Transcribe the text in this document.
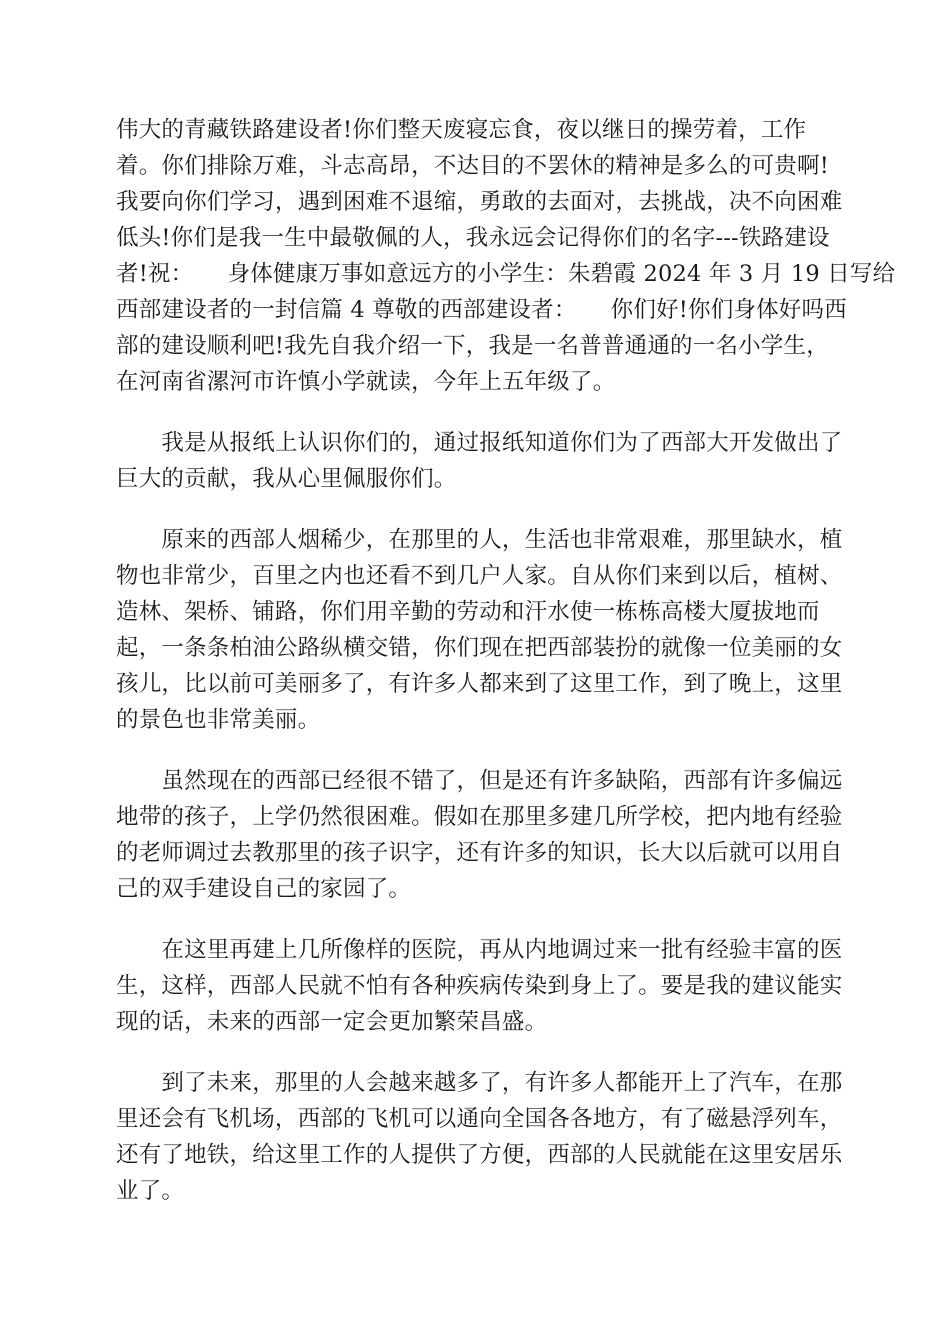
伟大的青藏铁路建设者!你们整天废寝忘食，夜以继日的操劳着，工作
着。你们排除万难，斗志高昂，不达目的不罢休的精神是多么的可贵啊!
我要向你们学习，遇到困难不退缩，勇敢的去面对，去挑战，决不向困难
低头!你们是我一生中最敬佩的人，我永远会记得你们的名字---铁路建设
者!祝：　　身体健康万事如意远方的小学生：朱碧霞 2024 年 3 月 19 日写给
西部建设者的一封信篇 4 尊敬的西部建设者：　　你们好!你们身体好吗西
部的建设顺利吧!我先自我介绍一下，我是一名普普通通的一名小学生，
在河南省漯河市许慎小学就读，今年上五年级了。
　　我是从报纸上认识你们的，通过报纸知道你们为了西部大开发做出了
巨大的贡献，我从心里佩服你们。
　　原来的西部人烟稀少，在那里的人，生活也非常艰难，那里缺水，植
物也非常少，百里之内也还看不到几户人家。自从你们来到以后，植树、
造林、架桥、铺路，你们用辛勤的劳动和汗水使一栋栋高楼大厦拔地而
起，一条条柏油公路纵横交错，你们现在把西部装扮的就像一位美丽的女
孩儿，比以前可美丽多了，有许多人都来到了这里工作，到了晚上，这里
的景色也非常美丽。
　　虽然现在的西部已经很不错了，但是还有许多缺陷，西部有许多偏远
地带的孩子，上学仍然很困难。假如在那里多建几所学校，把内地有经验
的老师调过去教那里的孩子识字，还有许多的知识，长大以后就可以用自
己的双手建设自己的家园了。
　　在这里再建上几所像样的医院，再从内地调过来一批有经验丰富的医
生，这样，西部人民就不怕有各种疾病传染到身上了。要是我的建议能实
现的话，未来的西部一定会更加繁荣昌盛。
　　到了未来，那里的人会越来越多了，有许多人都能开上了汽车，在那
里还会有飞机场，西部的飞机可以通向全国各各地方，有了磁悬浮列车，
还有了地铁，给这里工作的人提供了方便，西部的人民就能在这里安居乐
业了。
